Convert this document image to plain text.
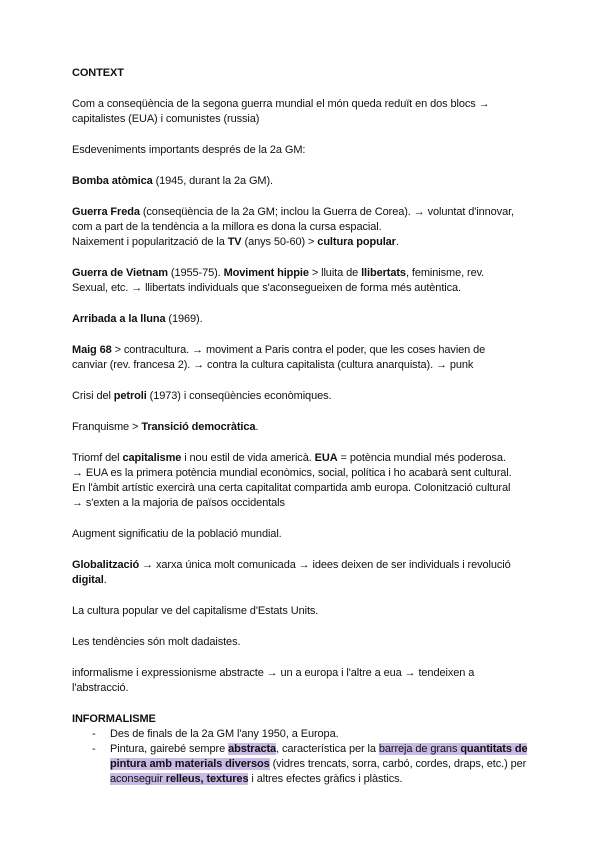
CONTEXT

Com a conseqüència de la segona guerra mundial el món queda reduït en dos blocs →
capitalistes (EUA) i comunistes (russia)

Esdeveniments importants després de la 2a GM:

Bomba atòmica (1945, durant la 2a GM).

Guerra Freda (conseqüència de la 2a GM; inclou la Guerra de Corea). → voluntat d'innovar,
com a part de la tendència a la millora es dona la cursa espacial.
Naixement i popularització de la TV (anys 50-60) > cultura popular.

Guerra de Vietnam (1955-75). Moviment hippie > lluita de llibertats, feminisme, rev.
Sexual, etc. → llibertats individuals que s'aconsegueixen de forma més autèntica.

Arribada a la lluna (1969).

Maig 68 > contracultura. → moviment a Paris contra el poder, que les coses havien de
canviar (rev. francesa 2). → contra la cultura capitalista (cultura anarquista). → punk

Crisi del petroli (1973) i conseqüències econòmiques.

Franquisme > Transició democràtica.

Triomf del capitalisme i nou estil de vida americà. EUA = potència mundial més poderosa.
→ EUA es la primera potència mundial econòmics, social, política i ho acabarà sent cultural.
En l'àmbit artístic exercirà una certa capitalitat compartida amb europa. Colonització cultural
→ s'exten a la majoria de països occidentals

Augment significatiu de la població mundial.

Globalització → xarxa única molt comunicada → idees deixen de ser individuals i revolució
digital.

La cultura popular ve del capitalisme d'Estats Units.

Les tendències són molt dadaistes.

informalisme i expressionisme abstracte → un a europa i l'altre a eua → tendeixen a
l'abstracció.

INFORMALISME

- Des de finals de la 2a GM l'any 1950, a Europa.
- Pintura, gairebé sempre abstracta, característica per la barreja de grans quantitats de pintura amb materials diversos (vidres trencats, sorra, carbó, cordes, draps, etc.) per aconseguir relleus, textures i altres efectes gràfics i plàstics.
